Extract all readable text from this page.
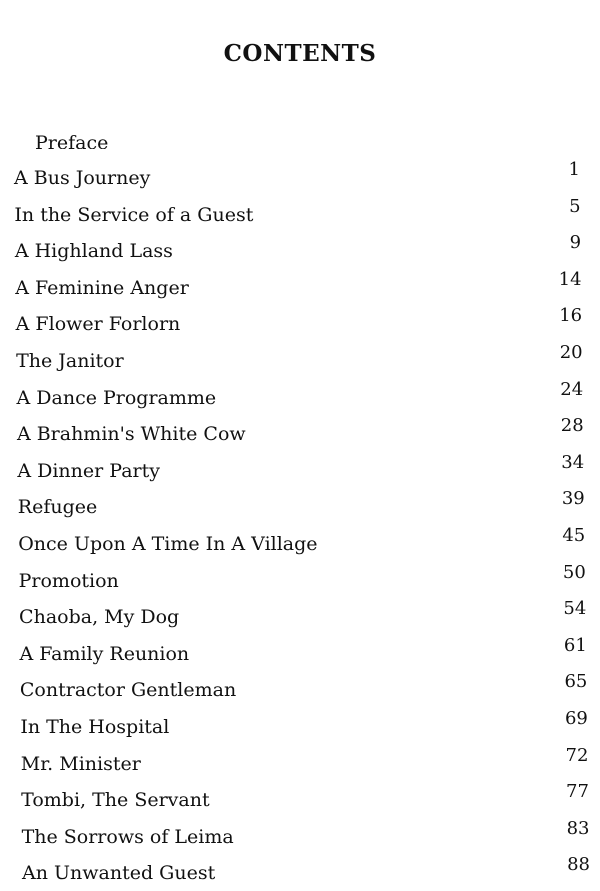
CONTENTS
Preface
A Bus Journey	1
In the Service of a Guest	5
A Highland Lass	9
A Feminine Anger	14
A Flower Forlorn	16
The Janitor	20
A Dance Programme	24
A Brahmin's White Cow	28
A Dinner Party	34
Refugee	39
Once Upon A Time In A Village	45
Promotion	50
Chaoba, My Dog	54
A Family Reunion	61
Contractor Gentleman	65
In The Hospital	69
Mr. Minister	72
Tombi, The Servant	77
The Sorrows of Leima	83
An Unwanted Guest	88
